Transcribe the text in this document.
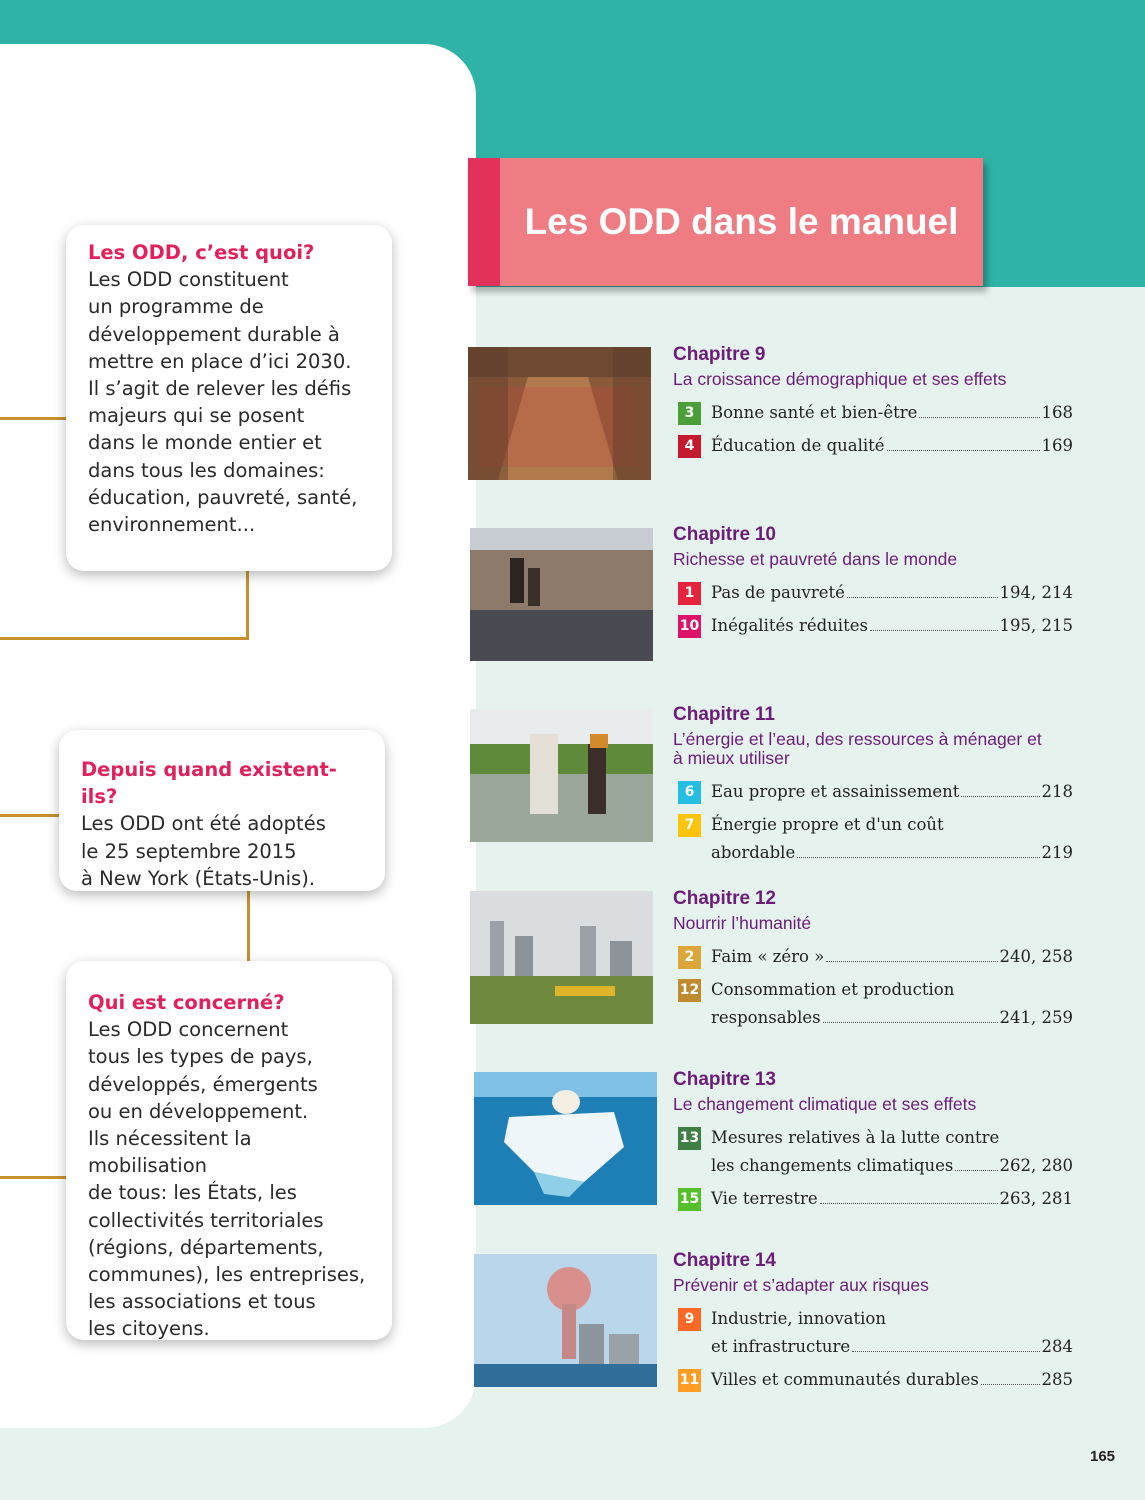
Les ODD, c’est quoi?
Les ODD constituent
un programme de
développement durable à
mettre en place d’ici 2030.
Il s’agit de relever les défis
majeurs qui se posent
dans le monde entier et
dans tous les domaines:
éducation, pauvreté, santé,
environnement...
Depuis quand existent-ils?
Les ODD ont été adoptés
le 25 septembre 2015
à New York (États-Unis).
Qui est concerné?
Les ODD concernent
tous les types de pays,
développés, émergents
ou en développement.
Ils nécessitent la mobilisation
de tous: les États, les
collectivités territoriales
(régions, départements,
communes), les entreprises,
les associations et tous
les citoyens.
Les ODD dans le manuel
Chapitre 9
La croissance démographique et ses effets
3	Bonne santé et bien-être	168
4	Éducation de qualité	169
Chapitre 10
Richesse et pauvreté dans le monde
1	Pas de pauvreté	194, 214
10 Inégalités réduites	195, 215
Chapitre 11
L’énergie et l’eau, des ressources à ménager et à mieux utiliser
6	Eau propre et assainissement	218
7	Énergie propre et d'un coût
abordable	219
Chapitre 12
Nourrir l’humanité
2	Faim « zéro »	240, 258
12 Consommation et production
responsables	241, 259
Chapitre 13
Le changement climatique et ses effets
13 Mesures relatives à la lutte contre
les changements climatiques	262, 280
15 Vie terrestre	263, 281
Chapitre 14
Prévenir et s’adapter aux risques
9	Industrie, innovation
et infrastructure	284
11 Villes et communautés durables	285
165
